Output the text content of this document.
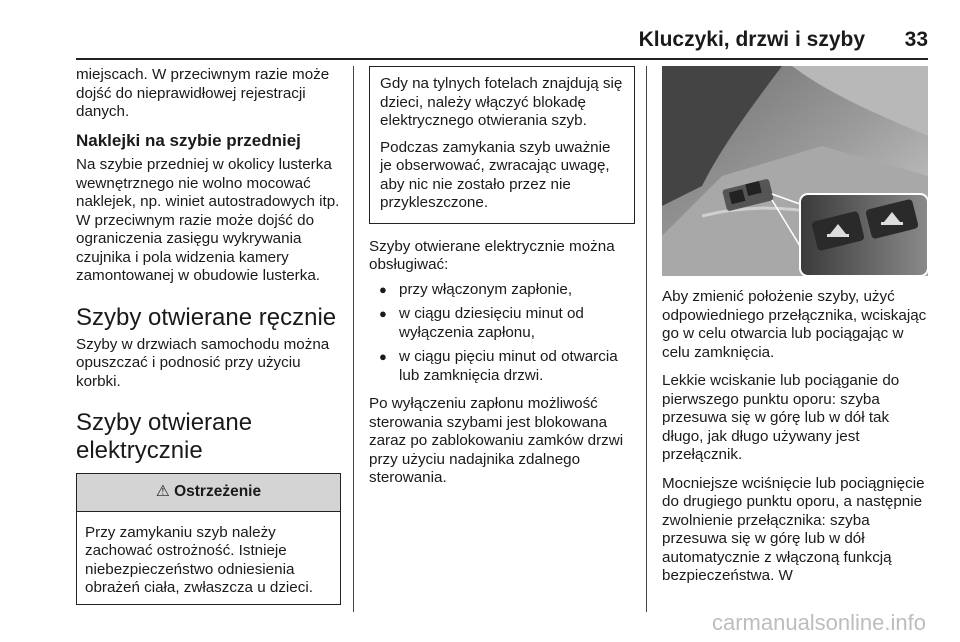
Kluczyki, drzwi i szyby 33

miejscach. W przeciwnym razie może dojść do nieprawidłowej rejestracji danych.

Naklejki na szybie przedniej

Na szybie przedniej w okolicy lusterka wewnętrznego nie wolno mocować naklejek, np. winiet autostradowych itp. W przeciwnym razie może dojść do ograniczenia zasięgu wykrywania czujnika i pola widzenia kamery zamontowanej w obudowie lusterka.

Szyby otwierane ręcznie

Szyby w drzwiach samochodu można opuszczać i podnosić przy użyciu korbki.

Szyby otwierane elektrycznie
⚠ Ostrzeżenie
Przy zamykaniu szyb należy zachować ostrożność. Istnieje niebezpieczeństwo odniesienia obrażeń ciała, zwłaszcza u dzieci.

Gdy na tylnych fotelach znajdują się dzieci, należy włączyć blokadę elektrycznego otwierania szyb.

Podczas zamykania szyb uważnie je obserwować, zwracając uwagę, aby nic nie zostało przez nie przykleszczone.

Szyby otwierane elektrycznie można obsługiwać:

● przy włączonym zapłonie,
● w ciągu dziesięciu minut od wyłączenia zapłonu,
● w ciągu pięciu minut od otwarcia lub zamknięcia drzwi.

Po wyłączeniu zapłonu możliwość sterowania szybami jest blokowana zaraz po zablokowaniu zamków drzwi przy użyciu nadajnika zdalnego sterowania.

Aby zmienić położenie szyby, użyć odpowiedniego przełącznika, wciskając go w celu otwarcia lub pociągając w celu zamknięcia.

Lekkie wciskanie lub pociąganie do pierwszego punktu oporu: szyba przesuwa się w górę lub w dół tak długo, jak długo używany jest przełącznik.

Mocniejsze wciśnięcie lub pociągnięcie do drugiego punktu oporu, a następnie zwolnienie przełącznika: szyba przesuwa się w górę lub w dół automatycznie z włączoną funkcją bezpieczeństwa. W

carmanualsonline.info
